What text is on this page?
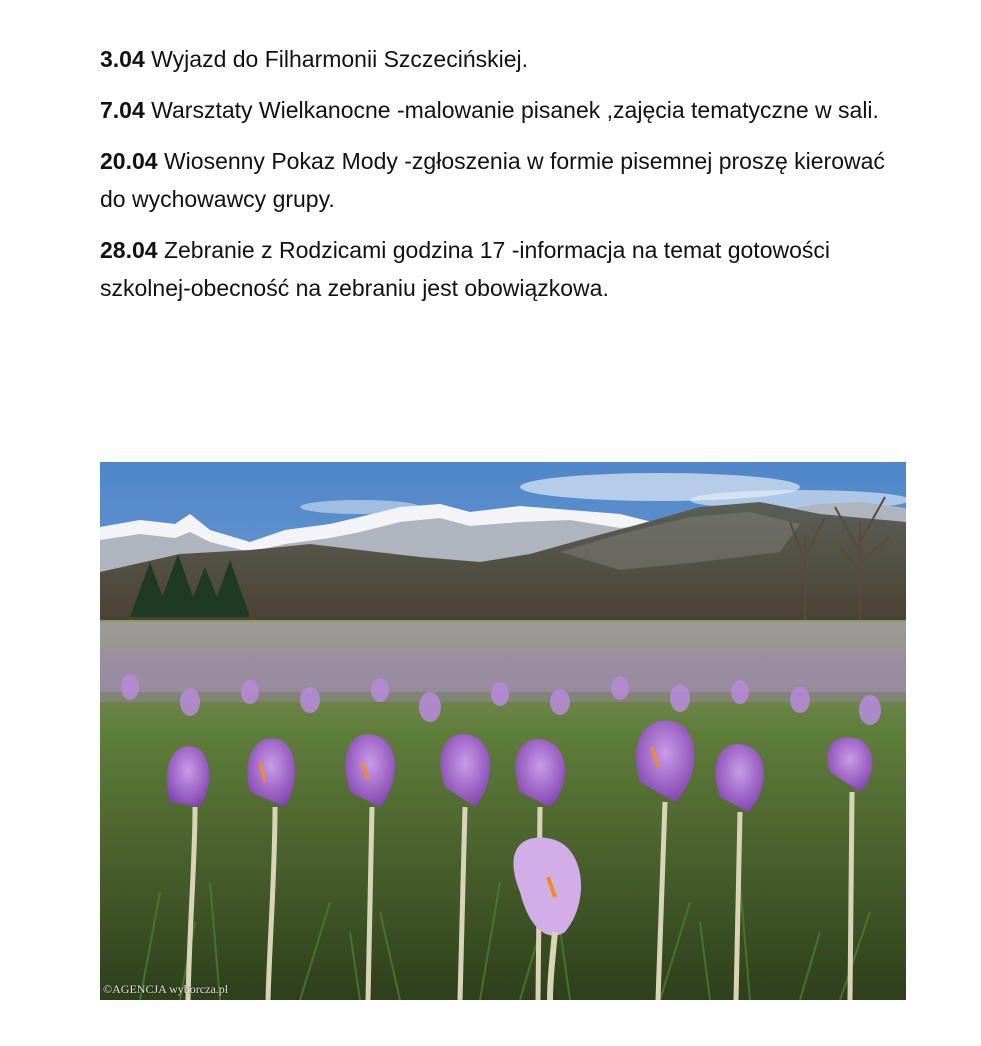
3.04 Wyjazd do Filharmonii Szczecińskiej.

7.04 Warsztaty Wielkanocne -malowanie pisanek ,zajęcia tematyczne w sali.

20.04 Wiosenny Pokaz Mody -zgłoszenia w formie pisemnej proszę kierować do wychowawcy grupy.

28.04 Zebranie z Rodzicami godzina 17 -informacja na temat gotowości szkolnej-obecność na zebraniu jest obowiązkowa.

©AGENCJA wyborcza.pl
